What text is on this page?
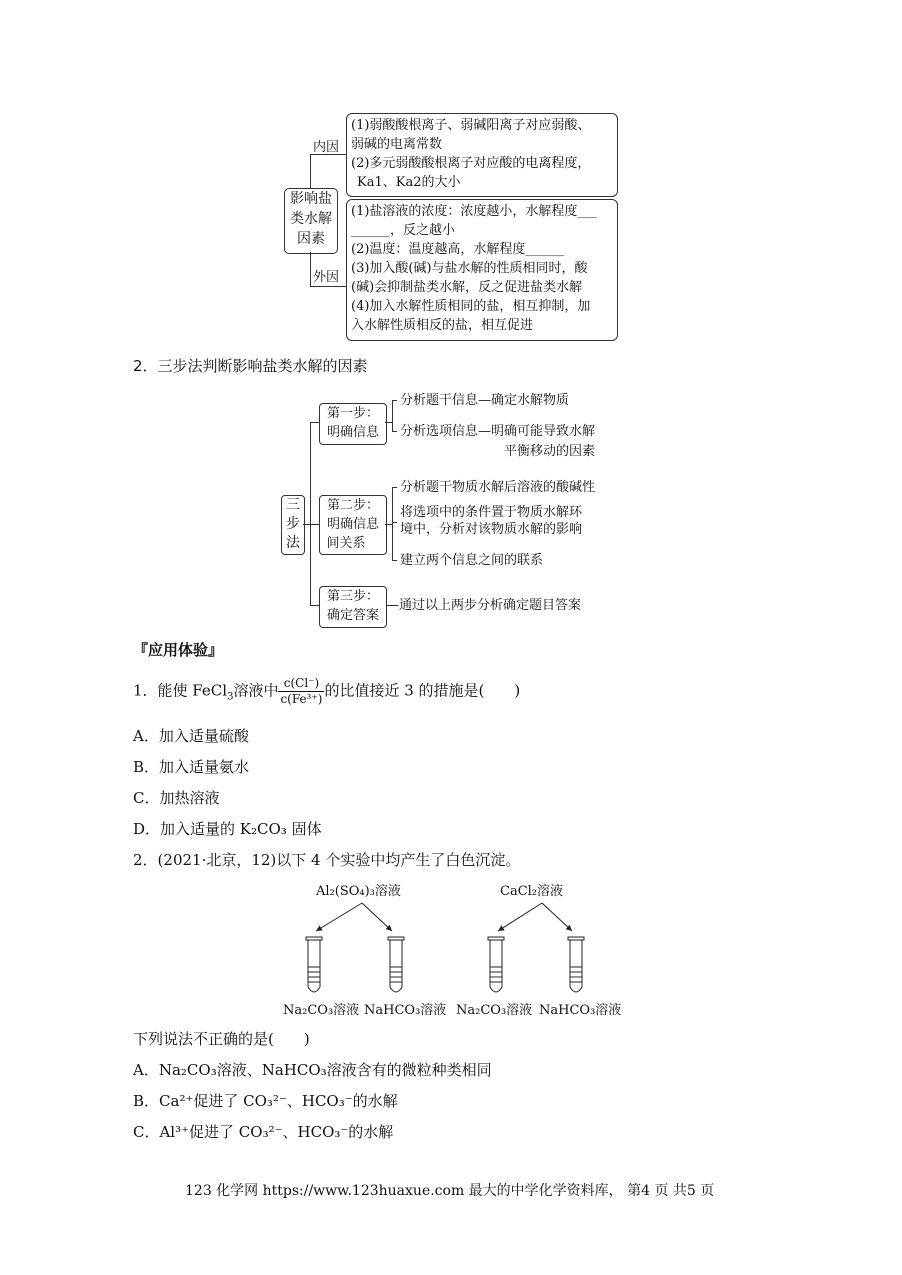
影响盐
类水解
因素
内因
外因
(1)弱酸酸根离子、弱碱阳离子对应弱酸、
弱碱的电离常数
(2)多元弱酸酸根离子对应酸的电离程度，
Ka1、Ka2的大小
(1)盐溶液的浓度：浓度越小，水解程度___
______，反之越小
(2)温度：温度越高，水解程度______
(3)加入酸(碱)与盐水解的性质相同时，酸
(碱)会抑制盐类水解，反之促进盐类水解
(4)加入水解性质相同的盐，相互抑制，加
入水解性质相反的盐，相互促进
2．三步法判断影响盐类水解的因素
三
步
法
第一步：
明确信息
分析题干信息—确定水解物质
分析选项信息—明确可能导致水解
平衡移动的因素
第二步：
明确信息
间关系
分析题干物质水解后溶液的酸碱性
将选项中的条件置于物质水解环
境中，分析对该物质水解的影响
建立两个信息之间的联系
第三步：
确定答案
—通过以上两步分析确定题目答案
『应用体验』
1．能使 FeCl$_3$溶液中 $\frac{c(Cl^-)}{\text{c(Fe³⁺)}}$ 的比值接近 3 的措施是(　　)
A．加入适量硫酸
B．加入适量氨水
C．加热溶液
D．加入适量的 K₂CO₃ 固体
2．(2021·北京，12)以下 4 个实验中均产生了白色沉淀。
Al₂(SO₄)₃溶液	CaCl₂溶液
Na₂CO₃溶液 NaHCO₃溶液 Na₂CO₃溶液 NaHCO₃溶液
下列说法不正确的是(　　)
A．Na₂CO₃溶液、NaHCO₃溶液含有的微粒种类相同
B．Ca²⁺促进了 CO₃²⁻、HCO₃⁻的水解
C．Al³⁺促进了 CO₃²⁻、HCO₃⁻的水解
123 化学网 https://www.123huaxue.com 最大的中学化学资料库， 第4 页 共5 页
